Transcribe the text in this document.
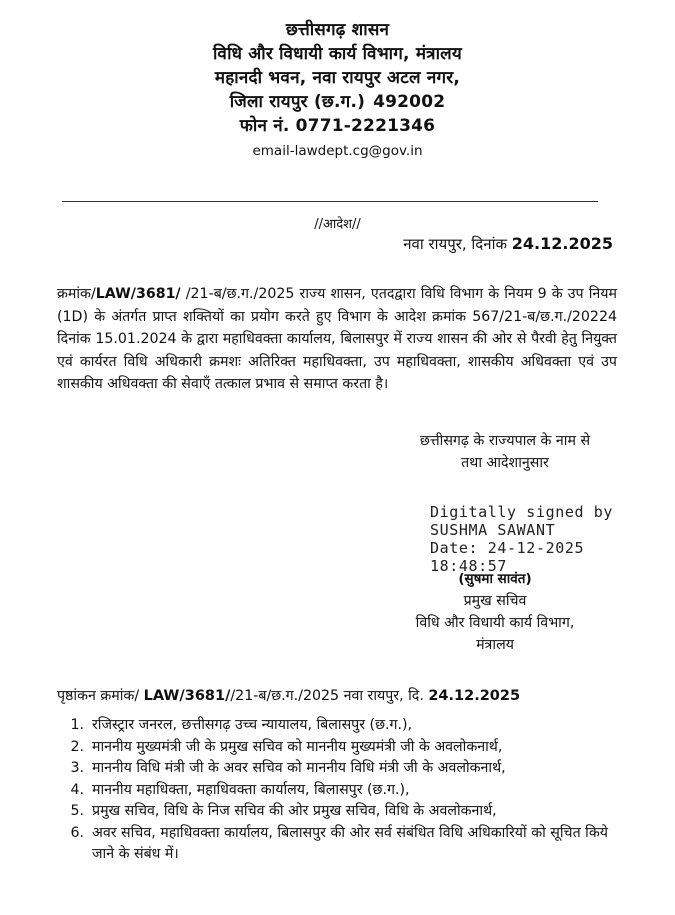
छत्तीसगढ़ शासन
विधि और विधायी कार्य विभाग, मंत्रालय
महानदी भवन, नवा रायपुर अटल नगर,
जिला रायपुर (छ.ग.) 492002
फोन नं. 0771-2221346
email-lawdept.cg@gov.in
//आदेश//
नवा रायपुर, दिनांक 24.12.2025
क्रमांक/LAW/3681/ /21-ब/छ.ग./2025 राज्य शासन, एतदद्वारा विधि विभाग के नियम 9 के उप नियम (1D) के अंतर्गत प्राप्त शक्तियों का प्रयोग करते हुए विभाग के आदेश क्रमांक 567/21-ब/छ.ग./20224 दिनांक 15.01.2024 के द्वारा महाधिवक्ता कार्यालय, बिलासपुर में राज्य शासन की ओर से पैरवी हेतु नियुक्त एवं कार्यरत विधि अधिकारी क्रमशः अतिरिक्त महाधिवक्ता, उप महाधिवक्ता, शासकीय अधिवक्ता एवं उप शासकीय अधिवक्ता की सेवाऍं तत्काल प्रभाव से समाप्त करता है।
छत्तीसगढ़ के राज्यपाल के नाम से
तथा आदेशानुसार
Digitally signed by
SUSHMA SAWANT
Date: 24-12-2025
18:48:57
(सुषमा सावंत)
प्रमुख सचिव
विधि और विधायी कार्य विभाग,
मंत्रालय
पृष्ठांकन क्रमांक/ LAW/3681//21-ब/छ.ग./2025 नवा रायपुर, दि. 24.12.2025
1. रजिस्ट्रार जनरल, छत्तीसगढ़ उच्च न्यायालय, बिलासपुर (छ.ग.),
2. माननीय मुख्यमंत्री जी के प्रमुख सचिव को माननीय मुख्यमंत्री जी के अवलोकनार्थ,
3. माननीय विधि मंत्री जी के अवर सचिव को माननीय विधि मंत्री जी के अवलोकनार्थ,
4. माननीय महाधिक्ता, महाधिवक्ता कार्यालय, बिलासपुर (छ.ग.),
5. प्रमुख सचिव, विधि के निज सचिव की ओर प्रमुख सचिव, विधि के अवलोकनार्थ,
6. अवर सचिव, महाधिवक्ता कार्यालय, बिलासपुर की ओर सर्व संबंधित विधि अधिकारियों को सूचित किये जाने के संबंध में।
